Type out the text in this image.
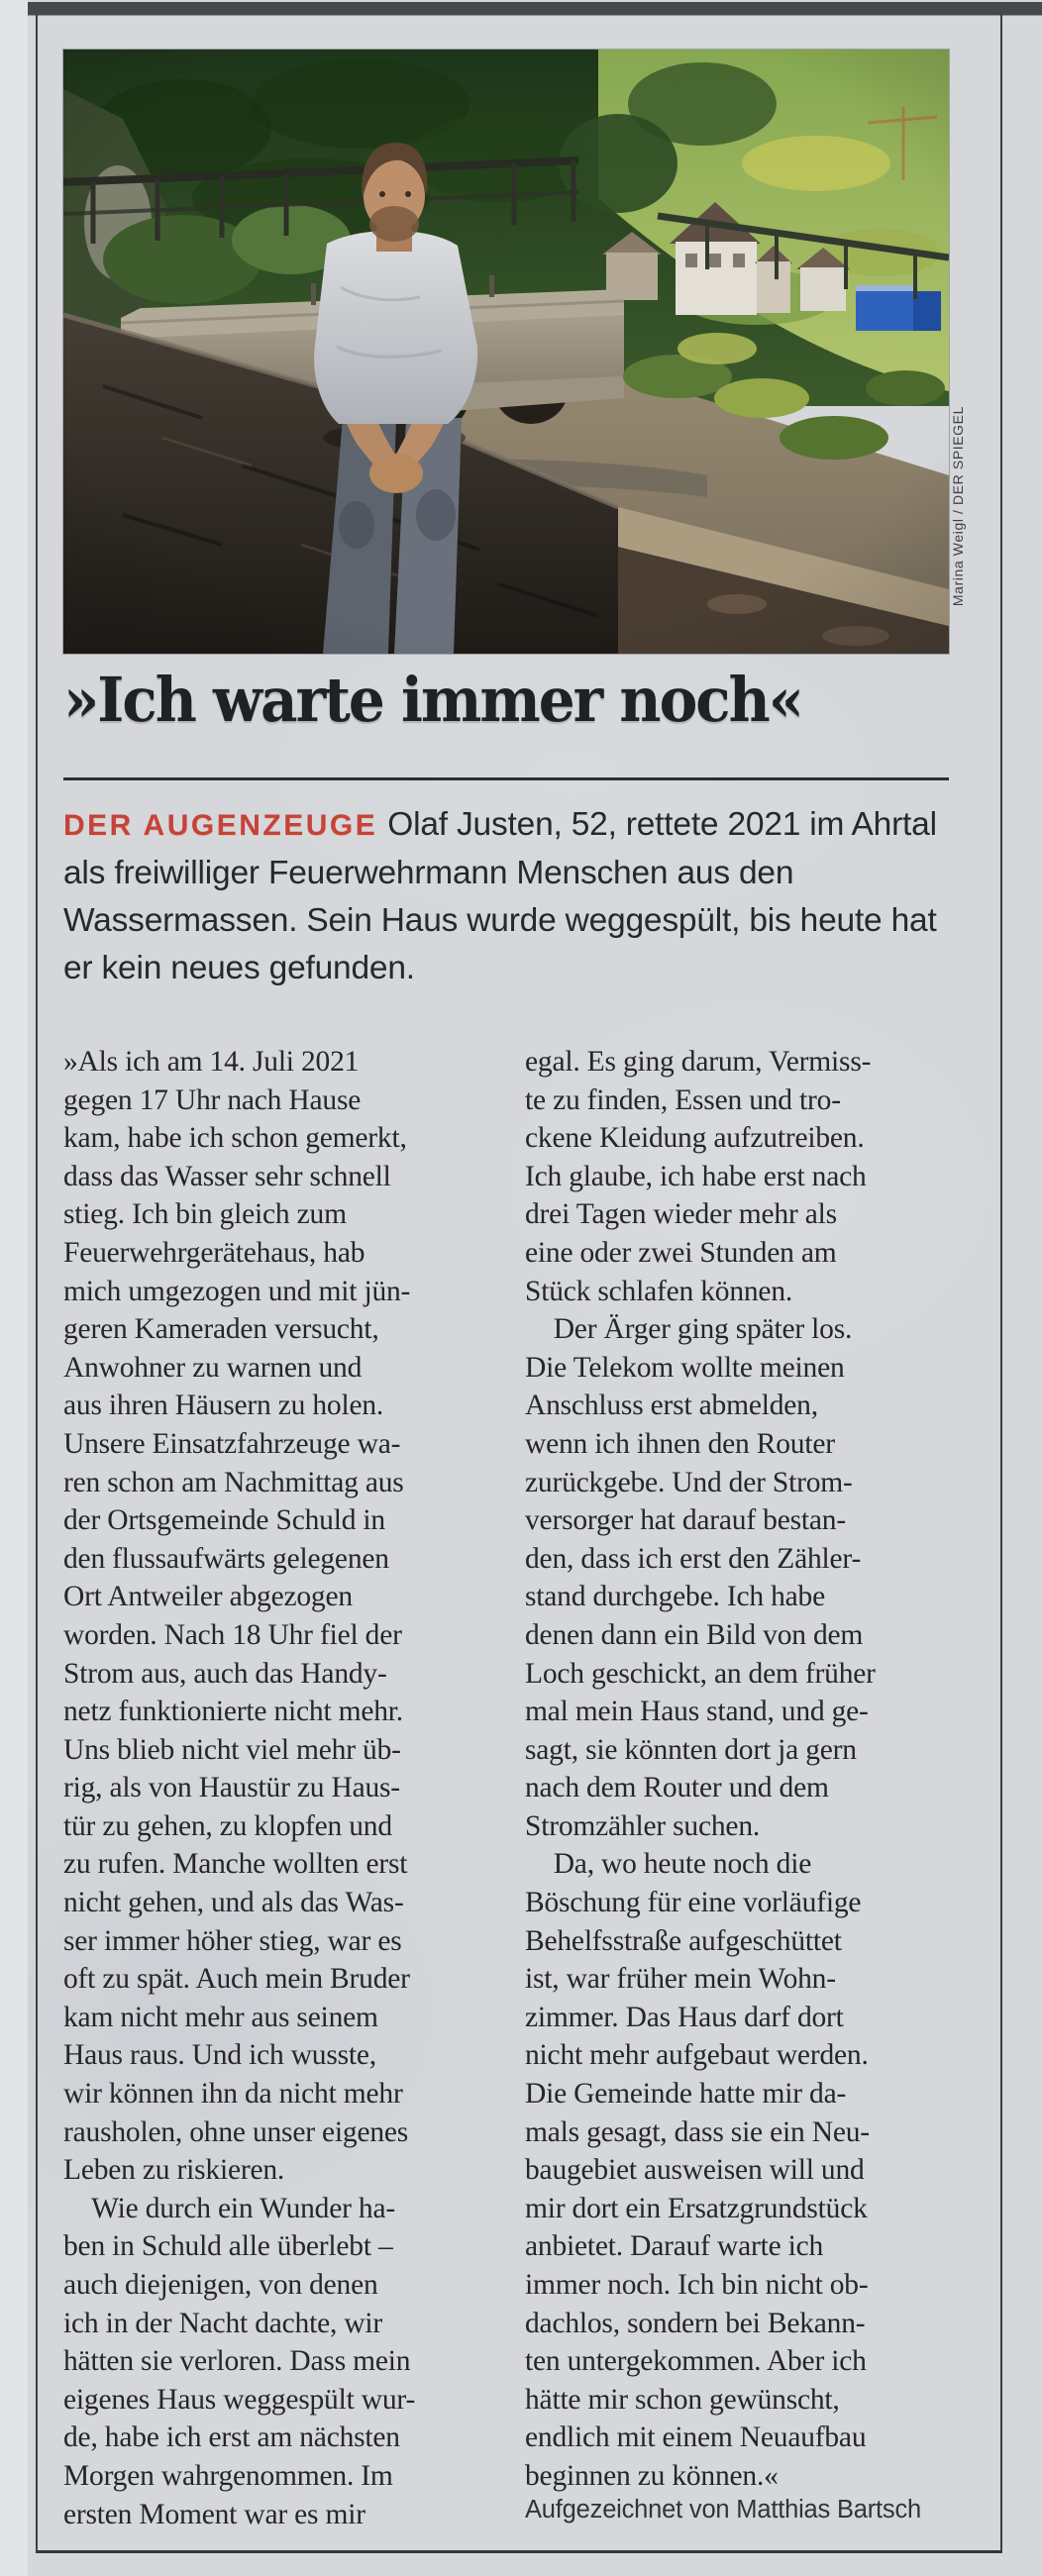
Marina Weigl / DER SPIEGEL
»Ich warte immer noch«

DER AUGENZEUGE Olaf Justen, 52, rettete 2021 im Ahrtal als freiwilliger Feuerwehrmann Menschen aus den Wassermassen. Sein Haus wurde weggespült, bis heute hat er kein neues gefunden.

»Als ich am 14. Juli 2021
gegen 17 Uhr nach Hause
kam, habe ich schon gemerkt,
dass das Wasser sehr schnell
stieg. Ich bin gleich zum
Feuerwehrgerätehaus, hab
mich umgezogen und mit jün-
geren Kameraden versucht,
Anwohner zu warnen und
aus ihren Häusern zu holen.
Unsere Einsatzfahrzeuge wa-
ren schon am Nachmittag aus
der Ortsgemeinde Schuld in
den flussaufwärts gelegenen
Ort Antweiler abgezogen
worden. Nach 18 Uhr fiel der
Strom aus, auch das Handy-
netz funktionierte nicht mehr.
Uns blieb nicht viel mehr üb-
rig, als von Haustür zu Haus-
tür zu gehen, zu klopfen und
zu rufen. Manche wollten erst
nicht gehen, und als das Was-
ser immer höher stieg, war es
oft zu spät. Auch mein Bruder
kam nicht mehr aus seinem
Haus raus. Und ich wusste,
wir können ihn da nicht mehr
rausholen, ohne unser eigenes
Leben zu riskieren.
Wie durch ein Wunder ha-
ben in Schuld alle überlebt –
auch diejenigen, von denen
ich in der Nacht dachte, wir
hätten sie verloren. Dass mein
eigenes Haus weggespült wur-
de, habe ich erst am nächsten
Morgen wahrgenommen. Im
ersten Moment war es mir
egal. Es ging darum, Vermiss-
te zu finden, Essen und tro-
ckene Kleidung aufzutreiben.
Ich glaube, ich habe erst nach
drei Tagen wieder mehr als
eine oder zwei Stunden am
Stück schlafen können.
Der Ärger ging später los.
Die Telekom wollte meinen
Anschluss erst abmelden,
wenn ich ihnen den Router
zurückgebe. Und der Strom-
versorger hat darauf bestan-
den, dass ich erst den Zähler-
stand durchgebe. Ich habe
denen dann ein Bild von dem
Loch geschickt, an dem früher
mal mein Haus stand, und ge-
sagt, sie könnten dort ja gern
nach dem Router und dem
Stromzähler suchen.
Da, wo heute noch die
Böschung für eine vorläufige
Behelfsstraße aufgeschüttet
ist, war früher mein Wohn-
zimmer. Das Haus darf dort
nicht mehr aufgebaut werden.
Die Gemeinde hatte mir da-
mals gesagt, dass sie ein Neu-
baugebiet ausweisen will und
mir dort ein Ersatzgrundstück
anbietet. Darauf warte ich
immer noch. Ich bin nicht ob-
dachlos, sondern bei Bekann-
ten untergekommen. Aber ich
hätte mir schon gewünscht,
endlich mit einem Neuaufbau
beginnen zu können.«
Aufgezeichnet von Matthias Bartsch
